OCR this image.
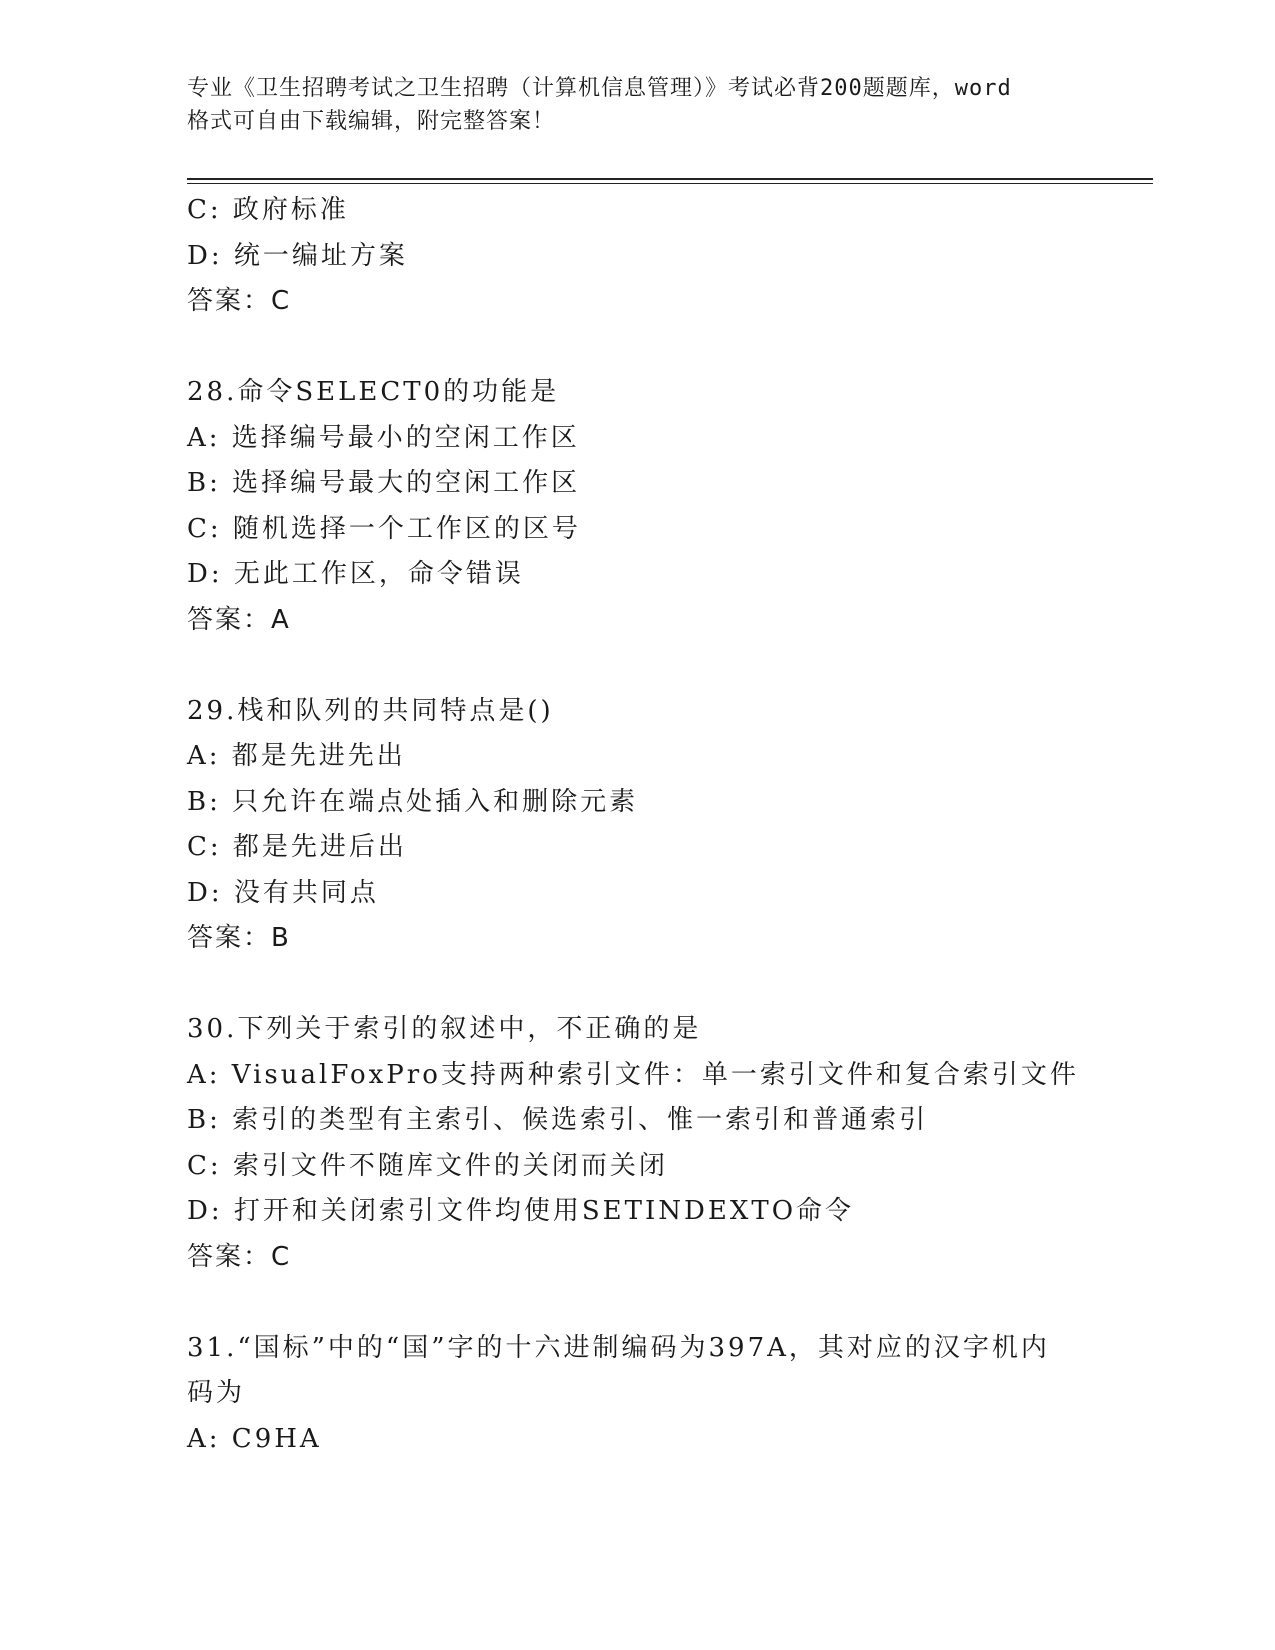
专业《卫生招聘考试之卫生招聘（计算机信息管理）》考试必背200题题库，word
格式可自由下载编辑，附完整答案！
C: 政府标准
D: 统一编址方案
答案：C
28.命令SELECT0的功能是
A: 选择编号最小的空闲工作区
B: 选择编号最大的空闲工作区
C: 随机选择一个工作区的区号
D: 无此工作区，命令错误
答案：A
29.栈和队列的共同特点是()
A: 都是先进先出
B: 只允许在端点处插入和删除元素
C: 都是先进后出
D: 没有共同点
答案：B
30.下列关于索引的叙述中，不正确的是
A: VisualFoxPro支持两种索引文件：单一索引文件和复合索引文件
B: 索引的类型有主索引、候选索引、惟一索引和普通索引
C: 索引文件不随库文件的关闭而关闭
D: 打开和关闭索引文件均使用SETINDEXTO命令
答案：C
31.“国标”中的“国”字的十六进制编码为397A，其对应的汉字机内
码为
A: C9HA
